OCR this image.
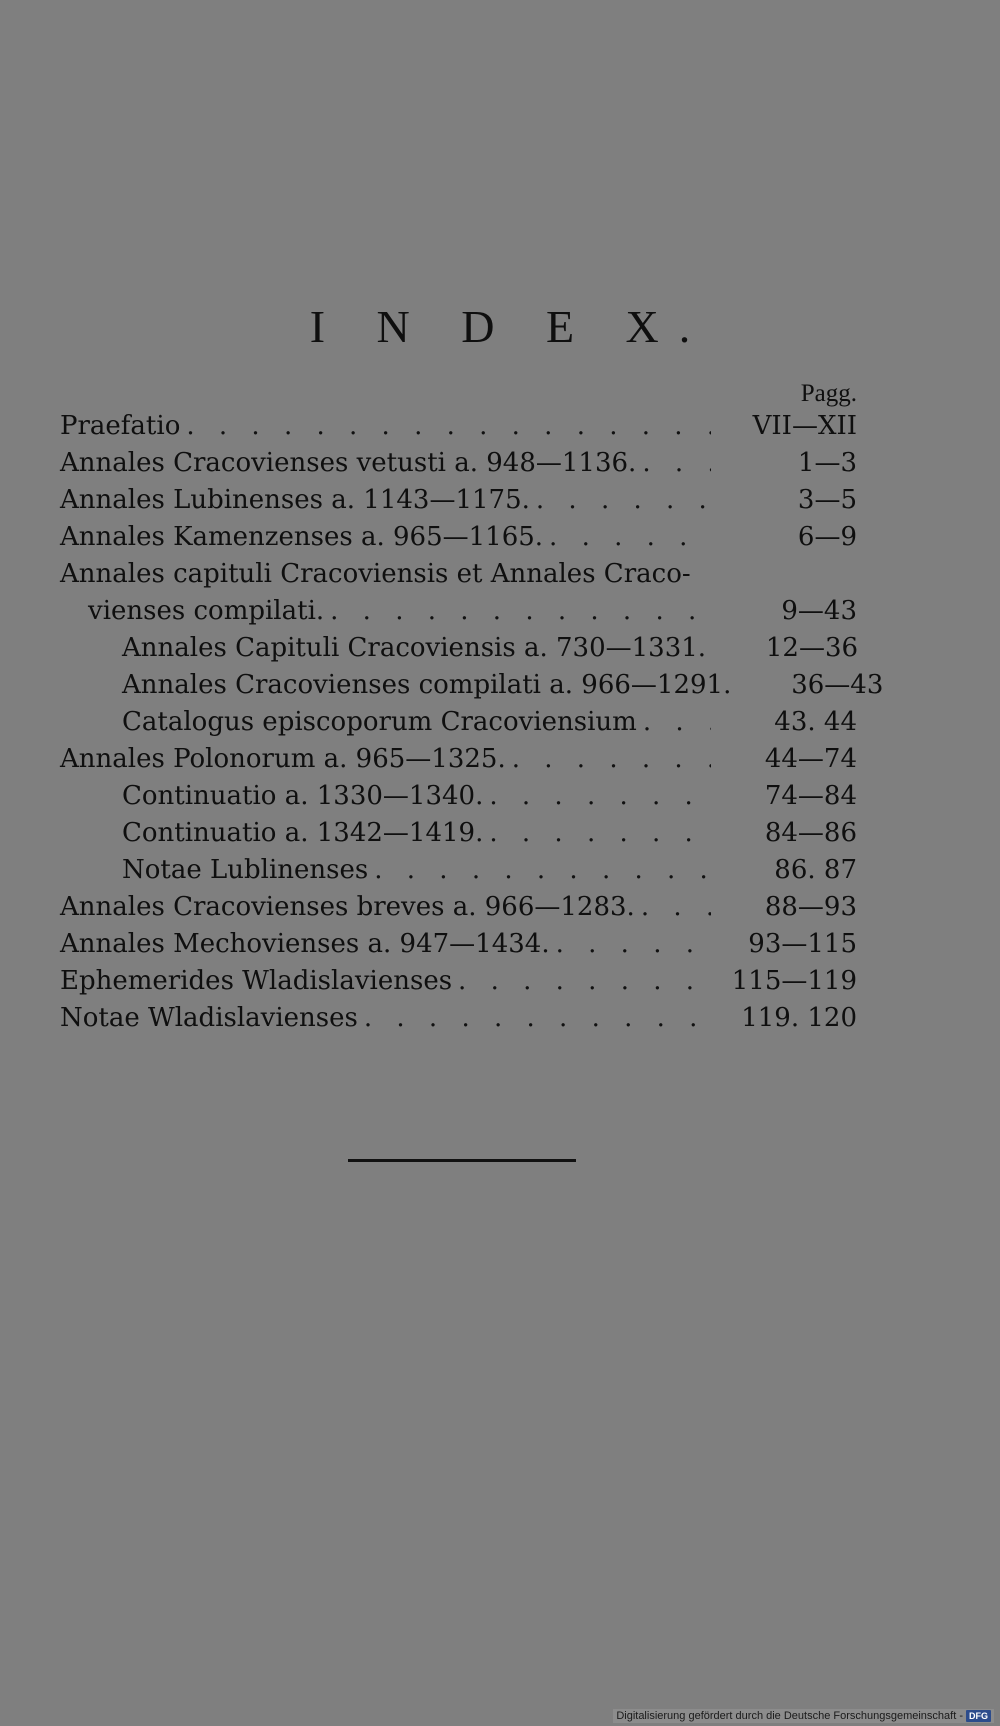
I N D E X.
Pagg.
Praefatio . . .	VII—XII
Annales Cracovienses vetusti a. 948—1136. . . .	1—3
Annales Lubinenses a. 1143—1175. . . .	3—5
Annales Kamenzenses a. 965—1165. . . .	6—9
Annales capituli Cracoviensis et Annales Craco-
vienses compilati. . . .	9—43
Annales Capituli Cracoviensis a. 730—1331.	12—36
Annales Cracovienses compilati a. 966—1291.	36—43
Catalogus episcoporum Cracoviensium . . .	43. 44
Annales Polonorum a. 965—1325. . . .	44—74
Continuatio a. 1330—1340. . . .	74—84
Continuatio a. 1342—1419. . . .	84—86
Notae Lublinenses . . .	86. 87
Annales Cracovienses breves a. 966—1283. . . .	88—93
Annales Mechovienses a. 947—1434. . . .	93—115
Ephemerides Wladislavienses . . .	115—119
Notae Wladislavienses . . .	119. 120
Digitalisierung gefördert durch die Deutsche Forschungsgemeinschaft - DFG
